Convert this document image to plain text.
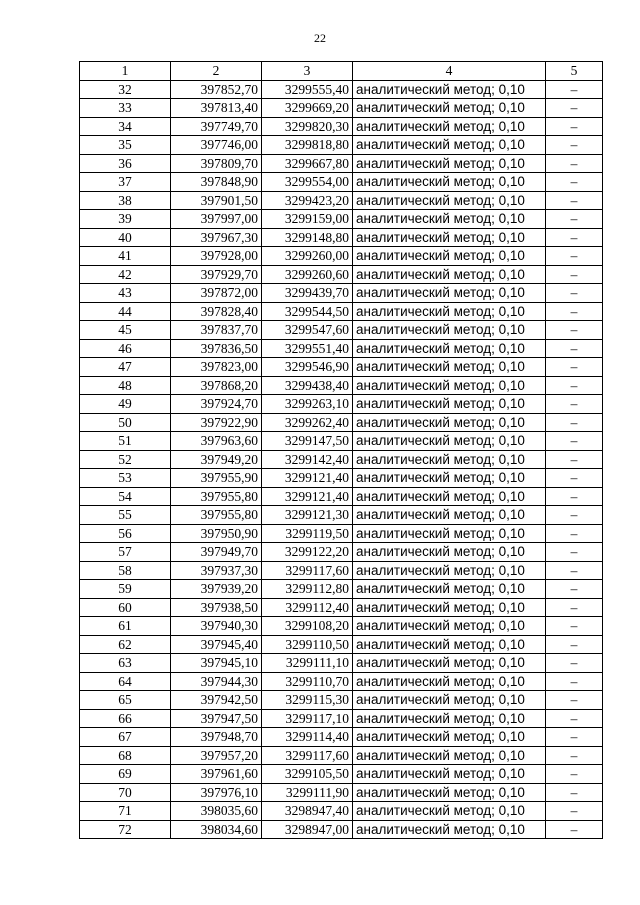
22
1	2	3	4	5
32	397852,70	3299555,40	аналитический метод; 0,10	–
33	397813,40	3299669,20	аналитический метод; 0,10	–
34	397749,70	3299820,30	аналитический метод; 0,10	–
35	397746,00	3299818,80	аналитический метод; 0,10	–
36	397809,70	3299667,80	аналитический метод; 0,10	–
37	397848,90	3299554,00	аналитический метод; 0,10	–
38	397901,50	3299423,20	аналитический метод; 0,10	–
39	397997,00	3299159,00	аналитический метод; 0,10	–
40	397967,30	3299148,80	аналитический метод; 0,10	–
41	397928,00	3299260,00	аналитический метод; 0,10	–
42	397929,70	3299260,60	аналитический метод; 0,10	–
43	397872,00	3299439,70	аналитический метод; 0,10	–
44	397828,40	3299544,50	аналитический метод; 0,10	–
45	397837,70	3299547,60	аналитический метод; 0,10	–
46	397836,50	3299551,40	аналитический метод; 0,10	–
47	397823,00	3299546,90	аналитический метод; 0,10	–
48	397868,20	3299438,40	аналитический метод; 0,10	–
49	397924,70	3299263,10	аналитический метод; 0,10	–
50	397922,90	3299262,40	аналитический метод; 0,10	–
51	397963,60	3299147,50	аналитический метод; 0,10	–
52	397949,20	3299142,40	аналитический метод; 0,10	–
53	397955,90	3299121,40	аналитический метод; 0,10	–
54	397955,80	3299121,40	аналитический метод; 0,10	–
55	397955,80	3299121,30	аналитический метод; 0,10	–
56	397950,90	3299119,50	аналитический метод; 0,10	–
57	397949,70	3299122,20	аналитический метод; 0,10	–
58	397937,30	3299117,60	аналитический метод; 0,10	–
59	397939,20	3299112,80	аналитический метод; 0,10	–
60	397938,50	3299112,40	аналитический метод; 0,10	–
61	397940,30	3299108,20	аналитический метод; 0,10	–
62	397945,40	3299110,50	аналитический метод; 0,10	–
63	397945,10	3299111,10	аналитический метод; 0,10	–
64	397944,30	3299110,70	аналитический метод; 0,10	–
65	397942,50	3299115,30	аналитический метод; 0,10	–
66	397947,50	3299117,10	аналитический метод; 0,10	–
67	397948,70	3299114,40	аналитический метод; 0,10	–
68	397957,20	3299117,60	аналитический метод; 0,10	–
69	397961,60	3299105,50	аналитический метод; 0,10	–
70	397976,10	3299111,90	аналитический метод; 0,10	–
71	398035,60	3298947,40	аналитический метод; 0,10	–
72	398034,60	3298947,00	аналитический метод; 0,10	–
